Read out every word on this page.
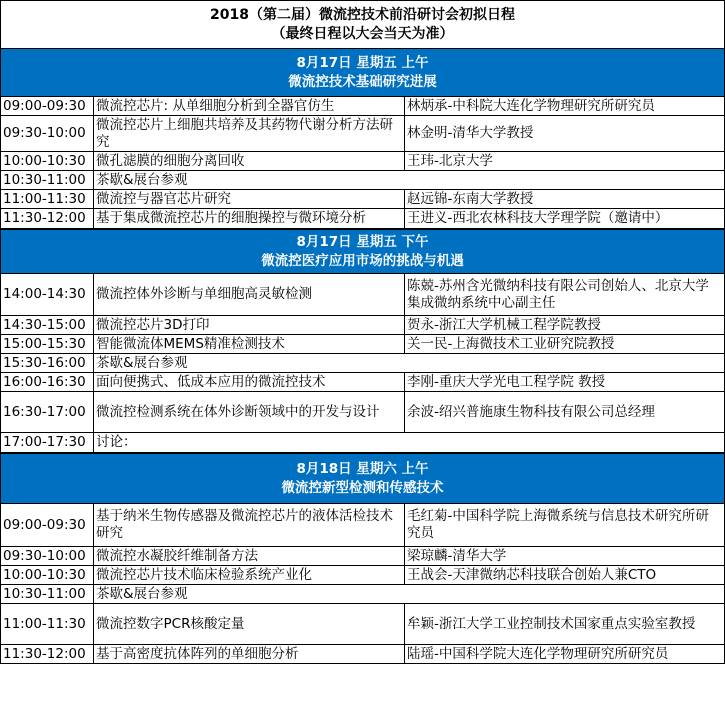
2018（第二届）微流控技术前沿研讨会初拟日程
（最终日程以大会当天为准）
8月17日 星期五 上午
微流控技术基础研究进展
09:00-09:30	微流控芯片: 从单细胞分析到全器官仿生	林炳承-中科院大连化学物理研究所研究员
09:30-10:00	微流控芯片上细胞共培养及其药物代谢分析方法研究	林金明-清华大学教授
10:00-10:30	微孔滤膜的细胞分离回收	王玮-北京大学
10:30-11:00	茶歇&展台参观	
11:00-11:30	微流控与器官芯片研究	赵远锦-东南大学教授
11:30-12:00	基于集成微流控芯片的细胞操控与微环境分析	王进义-西北农林科技大学理学院（邀请中）
8月17日 星期五 下午
微流控医疗应用市场的挑战与机遇
14:00-14:30	微流控体外诊断与单细胞高灵敏检测	陈兢-苏州含光微纳科技有限公司创始人、北京大学集成微纳系统中心副主任
14:30-15:00	微流控芯片3D打印	贺永-浙江大学机械工程学院教授
15:00-15:30	智能微流体MEMS精准检测技术	关一民-上海微技术工业研究院教授
15:30-16:00	茶歇&展台参观	
16:00-16:30	面向便携式、低成本应用的微流控技术	李刚-重庆大学光电工程学院 教授
16:30-17:00	微流控检测系统在体外诊断领域中的开发与设计	余波-绍兴普施康生物科技有限公司总经理
17:00-17:30	讨论：	
8月18日 星期六 上午
微流控新型检测和传感技术
09:00-09:30	基于纳米生物传感器及微流控芯片的液体活检技术研究	毛红菊-中国科学院上海微系统与信息技术研究所研究员
09:30-10:00	微流控水凝胶纤维制备方法	梁琼麟-清华大学
10:00-10:30	微流控芯片技术临床检验系统产业化	王战会-天津微纳芯科技联合创始人兼CTO
10:30-11:00	茶歇&展台参观	
11:00-11:30	微流控数字PCR核酸定量	牟颖-浙江大学工业控制技术国家重点实验室教授
11:30-12:00	基于高密度抗体阵列的单细胞分析	陆瑶-中国科学院大连化学物理研究所研究员
